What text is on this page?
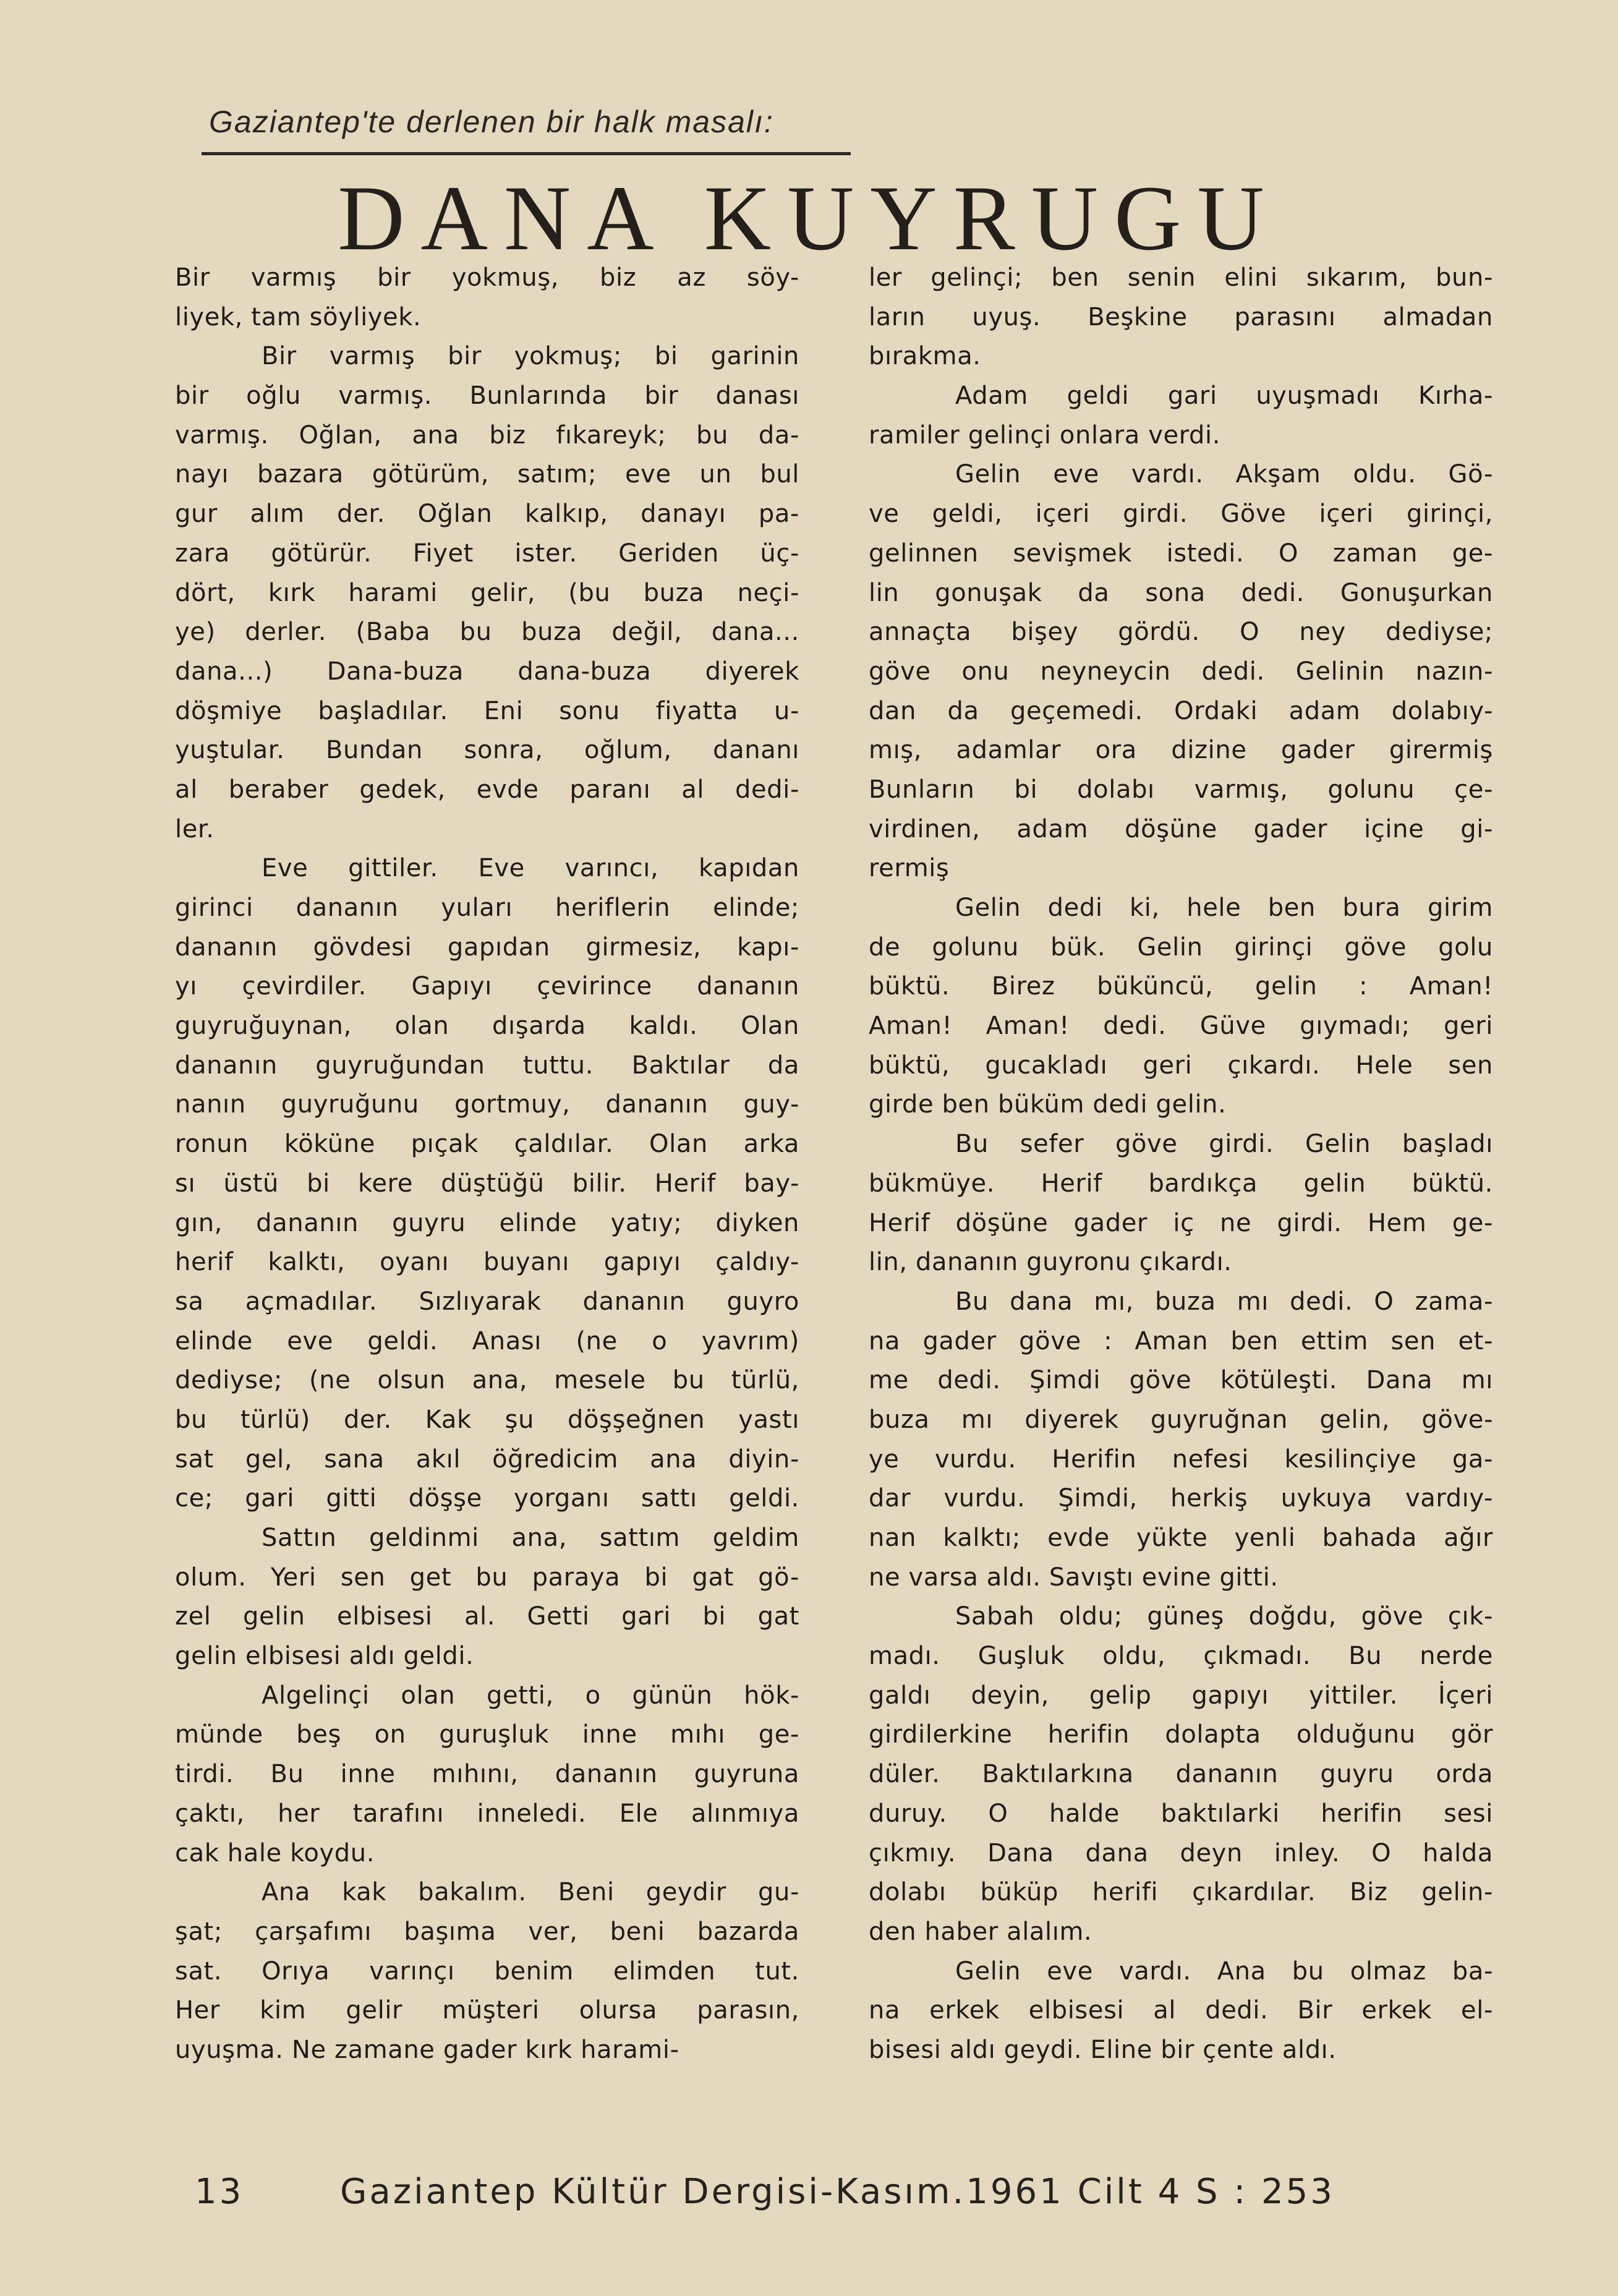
Gaziantep'te derlenen bir halk masalı:
DANA KUYRUGU
Bir varmış bir yokmuş, biz az söy-
liyek, tam söyliyek.
Bir varmış bir yokmuş; bi garinin
bir oğlu varmış. Bunlarında bir danası
varmış. Oğlan, ana biz fıkareyk; bu da-
nayı bazara götürüm, satım; eve un bul
gur alım der. Oğlan kalkıp, danayı pa-
zara götürür. Fiyet ister. Geriden üç-
dört, kırk harami gelir, (bu buza neçi-
ye) derler. (Baba bu buza değil, dana...
dana...) Dana-buza dana-buza diyerek
döşmiye başladılar. Eni sonu fiyatta u-
yuştular. Bundan sonra, oğlum, dananı
al beraber gedek, evde paranı al dedi-
ler.
Eve gittiler. Eve varıncı, kapıdan
girinci dananın yuları heriflerin elinde;
dananın gövdesi gapıdan girmesiz, kapı-
yı çevirdiler. Gapıyı çevirince dananın
guyruğuynan, olan dışarda kaldı. Olan
dananın guyruğundan tuttu. Baktılar da
nanın guyruğunu gortmuy, dananın guy-
ronun köküne pıçak çaldılar. Olan arka
sı üstü bi kere düştüğü bilir. Herif bay-
gın, dananın guyru elinde yatıy; diyken
herif kalktı, oyanı buyanı gapıyı çaldıy-
sa açmadılar. Sızlıyarak dananın guyro
elinde eve geldi. Anası (ne o yavrım)
dediyse; (ne olsun ana, mesele bu türlü,
bu türlü) der. Kak şu döşşeğnen yastı
sat gel, sana akıl öğredicim ana diyin-
ce; gari gitti döşşe yorganı sattı geldi.
Sattın geldinmi ana, sattım geldim
olum. Yeri sen get bu paraya bi gat gö-
zel gelin elbisesi al. Getti gari bi gat
gelin elbisesi aldı geldi.
Algelinçi olan getti, o günün hök-
münde beş on guruşluk inne mıhı ge-
tirdi. Bu inne mıhını, dananın guyruna
çaktı, her tarafını inneledi. Ele alınmıya
cak hale koydu.
Ana kak bakalım. Beni geydir gu-
şat; çarşafımı başıma ver, beni bazarda
sat. Orıya varınçı benim elimden tut.
Her kim gelir müşteri olursa parasın,
uyuşma. Ne zamane gader kırk harami-
ler gelinçi; ben senin elini sıkarım, bun-
ların uyuş. Beşkine parasını almadan
bırakma.
Adam geldi gari uyuşmadı Kırha-
ramiler gelinçi onlara verdi.
Gelin eve vardı. Akşam oldu. Gö-
ve geldi, içeri girdi. Göve içeri girinçi,
gelinnen sevişmek istedi. O zaman ge-
lin gonuşak da sona dedi. Gonuşurkan
annaçta bişey gördü. O ney dediyse;
göve onu neyneycin dedi. Gelinin nazın-
dan da geçemedi. Ordaki adam dolabıy-
mış, adamlar ora dizine gader girermiş
Bunların bi dolabı varmış, golunu çe-
virdinen, adam döşüne gader içine gi-
rermiş
Gelin dedi ki, hele ben bura girim
de golunu bük. Gelin girinçi göve golu
büktü. Birez büküncü, gelin : Aman!
Aman! Aman! dedi. Güve gıymadı; geri
büktü, gucakladı geri çıkardı. Hele sen
girde ben büküm dedi gelin.
Bu sefer göve girdi. Gelin başladı
bükmüye. Herif bardıkça gelin büktü.
Herif döşüne gader iç ne girdi. Hem ge-
lin, dananın guyronu çıkardı.
Bu dana mı, buza mı dedi. O zama-
na gader göve : Aman ben ettim sen et-
me dedi. Şimdi göve kötüleşti. Dana mı
buza mı diyerek guyruğnan gelin, göve-
ye vurdu. Herifin nefesi kesilinçiye ga-
dar vurdu. Şimdi, herkiş uykuya vardıy-
nan kalktı; evde yükte yenli bahada ağır
ne varsa aldı. Savıştı evine gitti.
Sabah oldu; güneş doğdu, göve çık-
madı. Guşluk oldu, çıkmadı. Bu nerde
galdı deyin, gelip gapıyı yittiler. İçeri
girdilerkine herifin dolapta olduğunu gör
düler. Baktılarkına dananın guyru orda
duruy. O halde baktılarki herifin sesi
çıkmıy. Dana dana deyn inley. O halda
dolabı büküp herifi çıkardılar. Biz gelin-
den haber alalım.
Gelin eve vardı. Ana bu olmaz ba-
na erkek elbisesi al dedi. Bir erkek el-
bisesi aldı geydi. Eline bir çente aldı.
13	Gaziantep Kültür Dergisi-Kasım.1961 Cilt 4 S : 253
